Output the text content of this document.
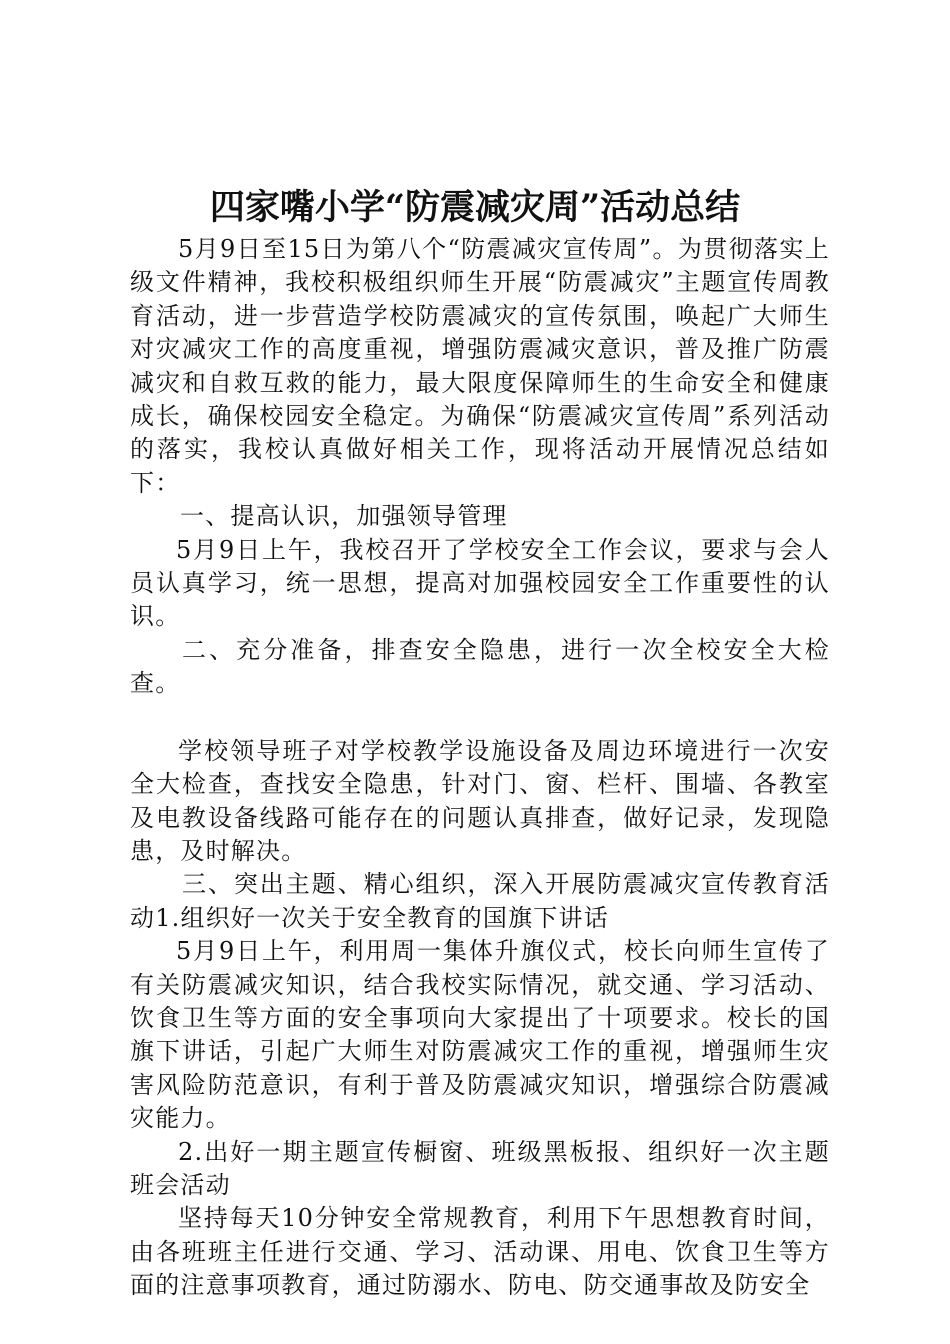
四家嘴小学“防震减灾周”活动总结

5月9日至15日为第八个“防震减灾宣传周”。为贯彻落实上级文件精神，我校积极组织师生开展“防震减灾”主题宣传周教育活动，进一步营造学校防震减灾的宣传氛围，唤起广大师生对灾减灾工作的高度重视，增强防震减灾意识，普及推广防震减灾和自救互救的能力，最大限度保障师生的生命安全和健康成长，确保校园安全稳定。为确保“防震减灾宣传周”系列活动的落实，我校认真做好相关工作，现将活动开展情况总结如下：

一、提高认识，加强领导管理

5月9日上午，我校召开了学校安全工作会议，要求与会人员认真学习，统一思想，提高对加强校园安全工作重要性的认识。

二、充分准备，排查安全隐患，进行一次全校安全大检查。

学校领导班子对学校教学设施设备及周边环境进行一次安全大检查，查找安全隐患，针对门、窗、栏杆、围墙、各教室及电教设备线路可能存在的问题认真排查，做好记录，发现隐患，及时解决。

三、突出主题、精心组织，深入开展防震减灾宣传教育活动1.组织好一次关于安全教育的国旗下讲话

5月9日上午，利用周一集体升旗仪式，校长向师生宣传了有关防震减灾知识，结合我校实际情况，就交通、学习活动、饮食卫生等方面的安全事项向大家提出了十项要求。校长的国旗下讲话，引起广大师生对防震减灾工作的重视，增强师生灾害风险防范意识，有利于普及防震减灾知识，增强综合防震减灾能力。

2.出好一期主题宣传橱窗、班级黑板报、组织好一次主题班会活动

坚持每天10分钟安全常规教育，利用下午思想教育时间，由各班班主任进行交通、学习、活动课、用电、饮食卫生等方面的注意事项教育，通过防溺水、防电、防交通事故及防安全
